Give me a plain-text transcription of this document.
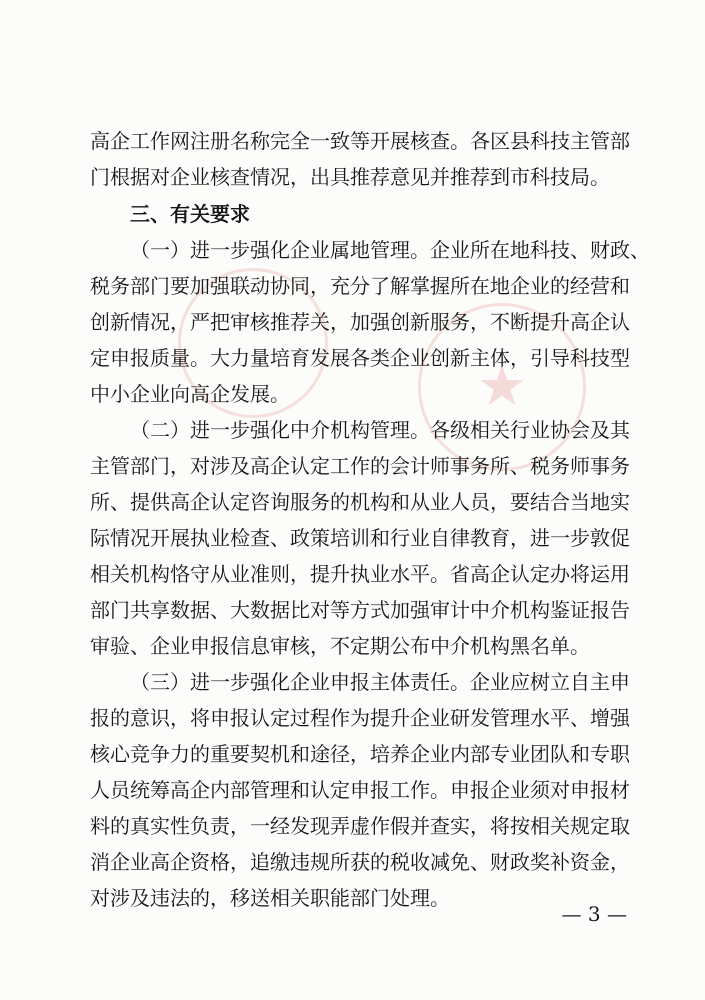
★
高企工作网注册名称完全一致等开展核查。各区县科技主管部
门根据对企业核查情况，出具推荐意见并推荐到市科技局。
三、有关要求
（一）进一步强化企业属地管理。企业所在地科技、财政、
税务部门要加强联动协同，充分了解掌握所在地企业的经营和
创新情况，严把审核推荐关，加强创新服务，不断提升高企认
定申报质量。大力量培育发展各类企业创新主体，引导科技型
中小企业向高企发展。
（二）进一步强化中介机构管理。各级相关行业协会及其
主管部门，对涉及高企认定工作的会计师事务所、税务师事务
所、提供高企认定咨询服务的机构和从业人员，要结合当地实
际情况开展执业检查、政策培训和行业自律教育，进一步敦促
相关机构恪守从业准则，提升执业水平。省高企认定办将运用
部门共享数据、大数据比对等方式加强审计中介机构鉴证报告
审验、企业申报信息审核，不定期公布中介机构黑名单。
（三）进一步强化企业申报主体责任。企业应树立自主申
报的意识，将申报认定过程作为提升企业研发管理水平、增强
核心竞争力的重要契机和途径，培养企业内部专业团队和专职
人员统筹高企内部管理和认定申报工作。申报企业须对申报材
料的真实性负责，一经发现弄虚作假并查实，将按相关规定取
消企业高企资格，追缴违规所获的税收减免、财政奖补资金，
对涉及违法的，移送相关职能部门处理。
— 3 —
